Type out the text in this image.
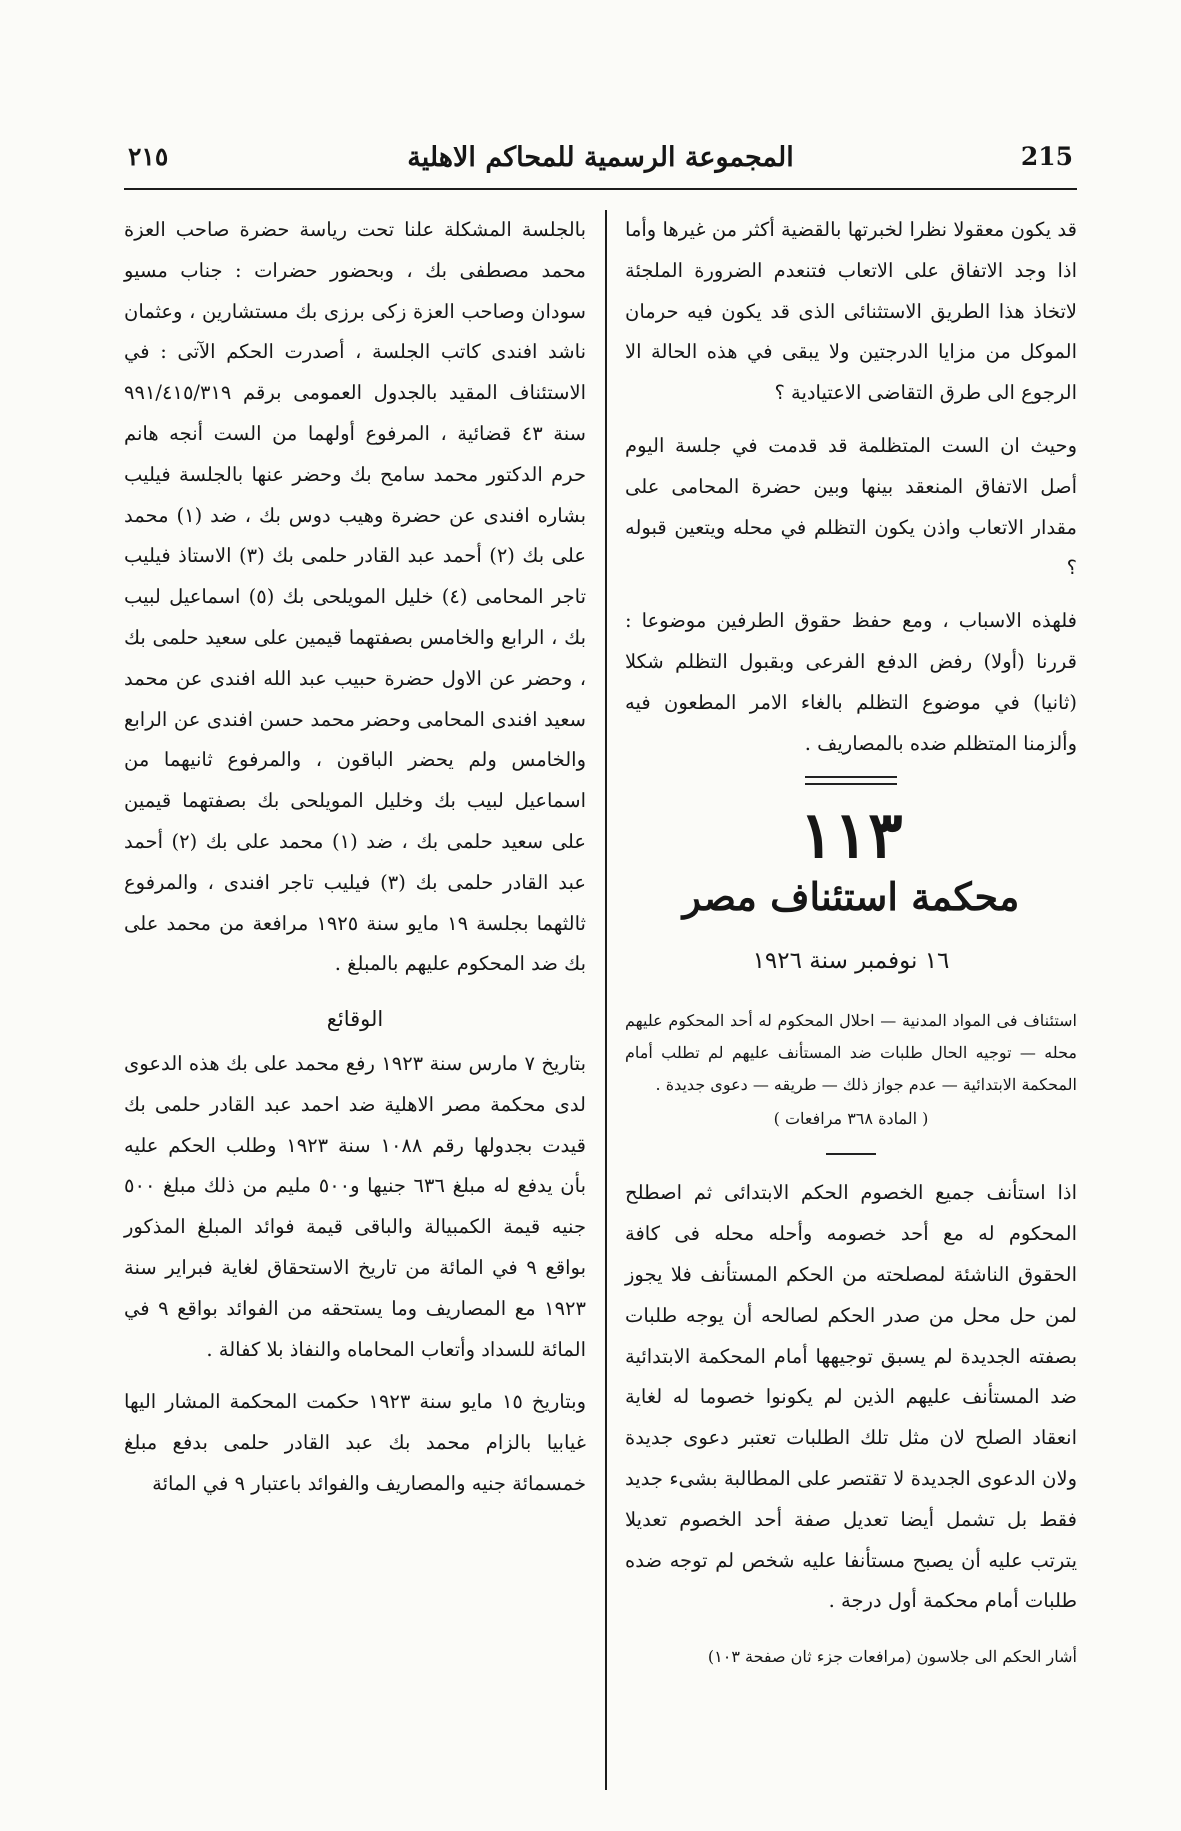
٢١٥	المجموعة الرسمية للمحاكم الاهلية	215

قد يكون معقولا نظرا لخبرتها بالقضية أكثر من غيرها وأما اذا وجد الاتفاق على الاتعاب فتنعدم الضرورة الملجئة لاتخاذ هذا الطريق الاستثنائى الذى قد يكون فيه حرمان الموكل من مزايا الدرجتين ولا يبقى في هذه الحالة الا الرجوع الى طرق التقاضى الاعتيادية ؟

وحيث ان الست المتظلمة قد قدمت في جلسة اليوم أصل الاتفاق المنعقد بينها وبين حضرة المحامى على مقدار الاتعاب واذن يكون التظلم في محله ويتعين قبوله ؟

فلهذه الاسباب ، ومع حفظ حقوق الطرفين موضوعا : قررنا (أولا) رفض الدفع الفرعى وبقبول التظلم شكلا (ثانيا) في موضوع التظلم بالغاء الامر المطعون فيه وألزمنا المتظلم ضده بالمصاريف .

١١٣
محكمة استئناف مصر
١٦ نوفمبر سنة ١٩٢٦
استئناف فى المواد المدنية — احلال المحكوم له أحد المحكوم عليهم محله — توجيه الحال طلبات ضد المستأنف عليهم لم تطلب أمام المحكمة الابتدائية — عدم جواز ذلك — طريقه — دعوى جديدة .
( المادة ٣٦٨ مرافعات )

اذا استأنف جميع الخصوم الحكم الابتدائى ثم اصطلح المحكوم له مع أحد خصومه وأحله محله فى كافة الحقوق الناشئة لمصلحته من الحكم المستأنف فلا يجوز لمن حل محل من صدر الحكم لصالحه أن يوجه طلبات بصفته الجديدة لم يسبق توجيهها أمام المحكمة الابتدائية ضد المستأنف عليهم الذين لم يكونوا خصوما له لغاية انعقاد الصلح لان مثل تلك الطلبات تعتبر دعوى جديدة ولان الدعوى الجديدة لا تقتصر على المطالبة بشىء جديد فقط بل تشمل أيضا تعديل صفة أحد الخصوم تعديلا يترتب عليه أن يصبح مستأنفا عليه شخص لم توجه ضده طلبات أمام محكمة أول درجة .

أشار الحكم الى جلاسون (مرافعات جزء ثان صفحة ١٠٣)

بالجلسة المشكلة علنا تحت رياسة حضرة صاحب العزة محمد مصطفى بك ، وبحضور حضرات : جناب مسيو سودان وصاحب العزة زكى برزى بك مستشارين ، وعثمان ناشد افندى كاتب الجلسة ، أصدرت الحكم الآتى : في الاستئناف المقيد بالجدول العمومى برقم ٩٩١/٤١٥/٣١٩ سنة ٤٣ قضائية ، المرفوع أولهما من الست أنجه هانم حرم الدكتور محمد سامح بك وحضر عنها بالجلسة فيليب بشاره افندى عن حضرة وهيب دوس بك ، ضد (١) محمد على بك (٢) أحمد عبد القادر حلمى بك (٣) الاستاذ فيليب تاجر المحامى (٤) خليل المويلحى بك (٥) اسماعيل لبيب بك ، الرابع والخامس بصفتهما قيمين على سعيد حلمى بك ، وحضر عن الاول حضرة حبيب عبد الله افندى عن محمد سعيد افندى المحامى وحضر محمد حسن افندى عن الرابع والخامس ولم يحضر الباقون ، والمرفوع ثانيهما من اسماعيل لبيب بك وخليل المويلحى بك بصفتهما قيمين على سعيد حلمى بك ، ضد (١) محمد على بك (٢) أحمد عبد القادر حلمى بك (٣) فيليب تاجر افندى ، والمرفوع ثالثهما بجلسة ١٩ مايو سنة ١٩٢٥ مرافعة من محمد على بك ضد المحكوم عليهم بالمبلغ .

الوقائع

بتاريخ ٧ مارس سنة ١٩٢٣ رفع محمد على بك هذه الدعوى لدى محكمة مصر الاهلية ضد احمد عبد القادر حلمى بك قيدت بجدولها رقم ١٠٨٨ سنة ١٩٢٣ وطلب الحكم عليه بأن يدفع له مبلغ ٦٣٦ جنيها و٥٠٠ مليم من ذلك مبلغ ٥٠٠ جنيه قيمة الكمبيالة والباقى قيمة فوائد المبلغ المذكور بواقع ٩ في المائة من تاريخ الاستحقاق لغاية فبراير سنة ١٩٢٣ مع المصاريف وما يستحقه من الفوائد بواقع ٩ في المائة للسداد وأتعاب المحاماه والنفاذ بلا كفالة .

وبتاريخ ١٥ مايو سنة ١٩٢٣ حكمت المحكمة المشار اليها غيابيا بالزام محمد بك عبد القادر حلمى بدفع مبلغ خمسمائة جنيه والمصاريف والفوائد باعتبار ٩ في المائة
